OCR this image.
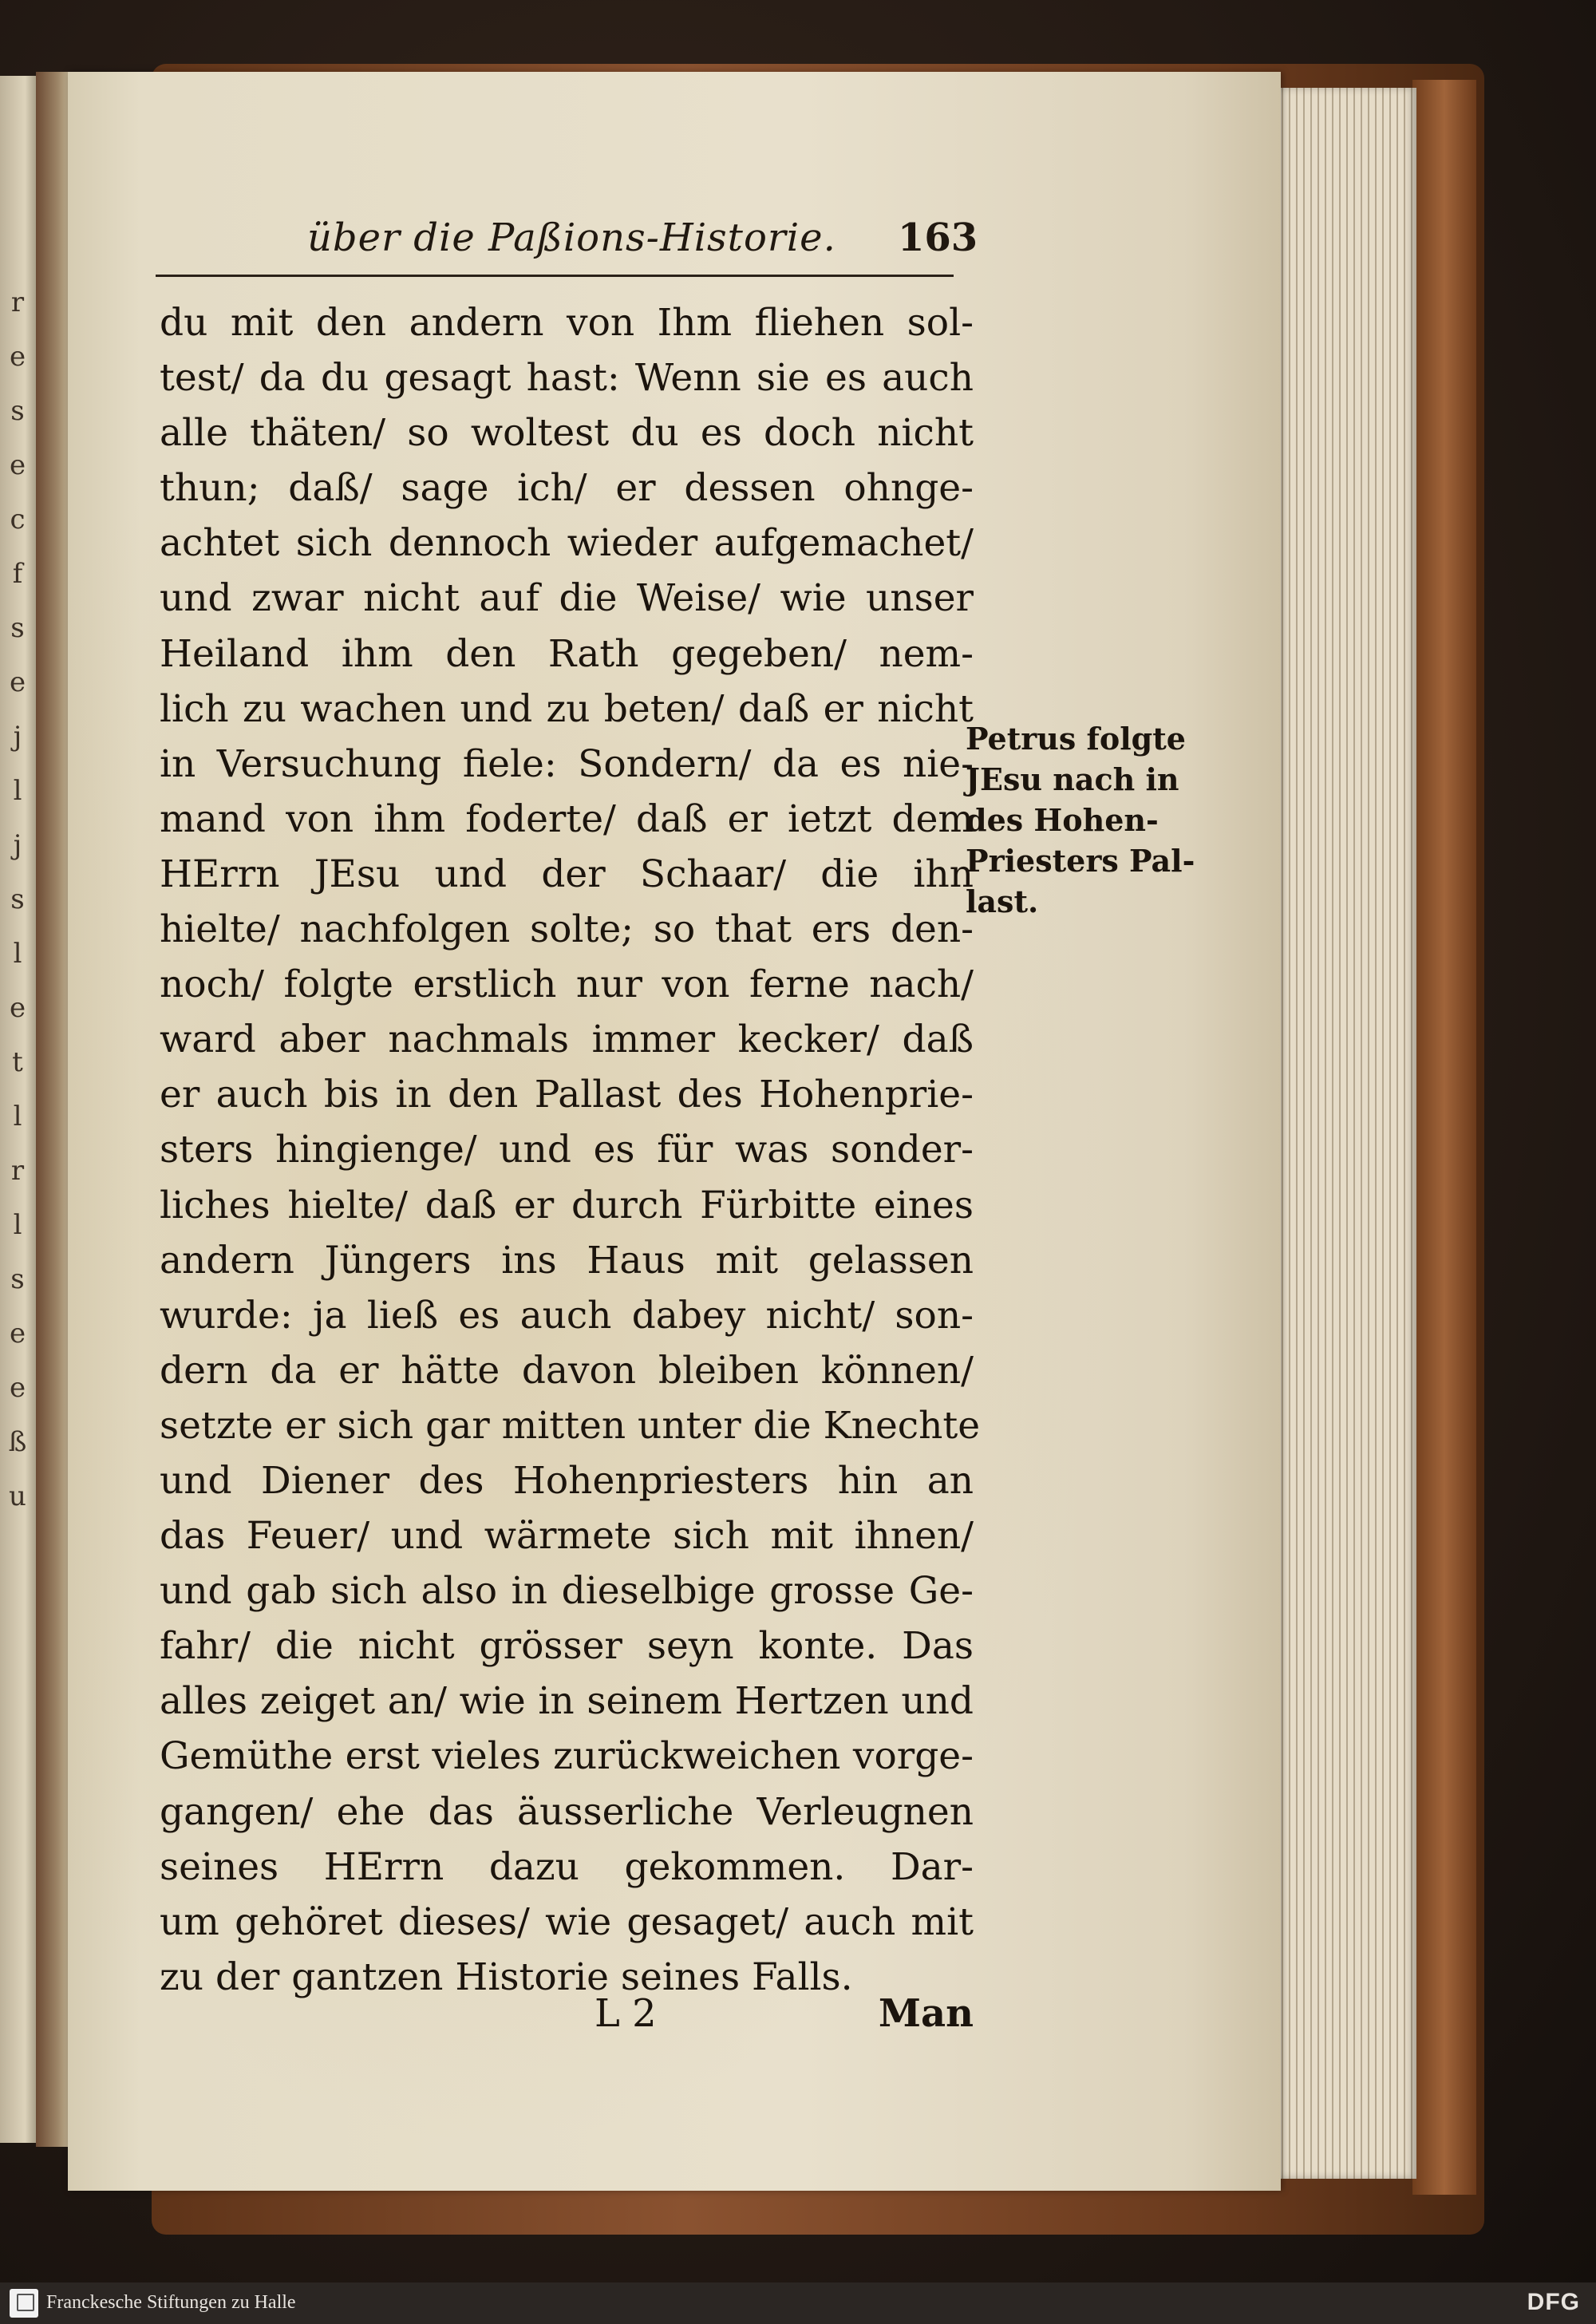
r
e
s
e
c
f
s
e
j
l
j
s
l
e
t
l
r
l
s
e
e
ß
u
über die Paßions-Historie. 163
du mit den andern von Ihm fliehen sol-
test/ da du gesagt hast: Wenn sie es auch
alle thäten/ so woltest du es doch nicht
thun; daß/ sage ich/ er dessen ohnge-
achtet sich dennoch wieder aufgemachet/
und zwar nicht auf die Weise/ wie unser
Heiland ihm den Rath gegeben/ nem-
lich zu wachen und zu beten/ daß er nicht
in Versuchung fiele: Sondern/ da es nie-
mand von ihm foderte/ daß er ietzt dem
HErrn JEsu und der Schaar/ die ihn
hielte/ nachfolgen solte; so that ers den-
noch/ folgte erstlich nur von ferne nach/
ward aber nachmals immer kecker/ daß
er auch bis in den Pallast des Hohenprie-
sters hingienge/ und es für was sonder-
liches hielte/ daß er durch Fürbitte eines
andern Jüngers ins Haus mit gelassen
wurde: ja ließ es auch dabey nicht/ son-
dern da er hätte davon bleiben können/
setzte er sich gar mitten unter die Knechte
und Diener des Hohenpriesters hin an
das Feuer/ und wärmete sich mit ihnen/
und gab sich also in dieselbige grosse Ge-
fahr/ die nicht grösser seyn konte. Das
alles zeiget an/ wie in seinem Hertzen und
Gemüthe erst vieles zurückweichen vorge-
gangen/ ehe das äusserliche Verleugnen
seines HErrn dazu gekommen. Dar-
um gehöret dieses/ wie gesaget/ auch mit
zu der gantzen Historie seines Falls.
L 2	Man
Petrus folgte
JEsu nach in
des Hohen-
Priesters Pal-
last.
Franckesche Stiftungen zu Halle	DFG
